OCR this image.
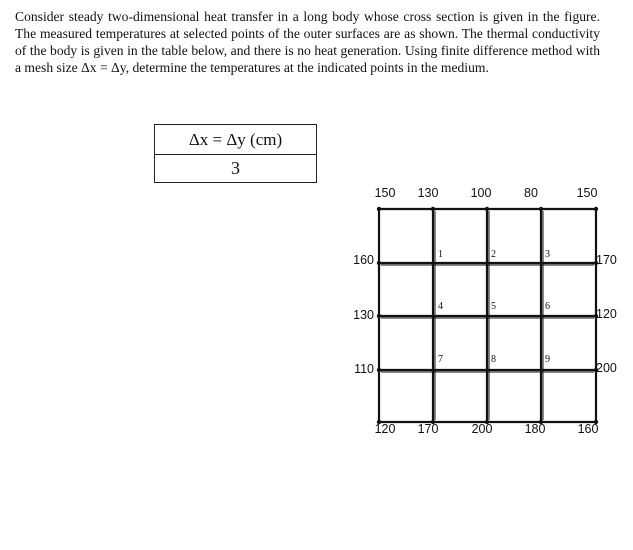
Consider steady two-dimensional heat transfer in a long body whose cross section is given in the figure. The measured temperatures at selected points of the outer surfaces are as shown. The thermal conductivity of the body is given in the table below, and there is no heat generation. Using finite difference method with a mesh size Δx = Δy, determine the temperatures at the indicated points in the medium.

Δx = Δy (cm)
3
150 130	100	80	150
120 170	200	180	160
160
130
110
170
120
200
1	2	3
4	5	6
7	8	9
